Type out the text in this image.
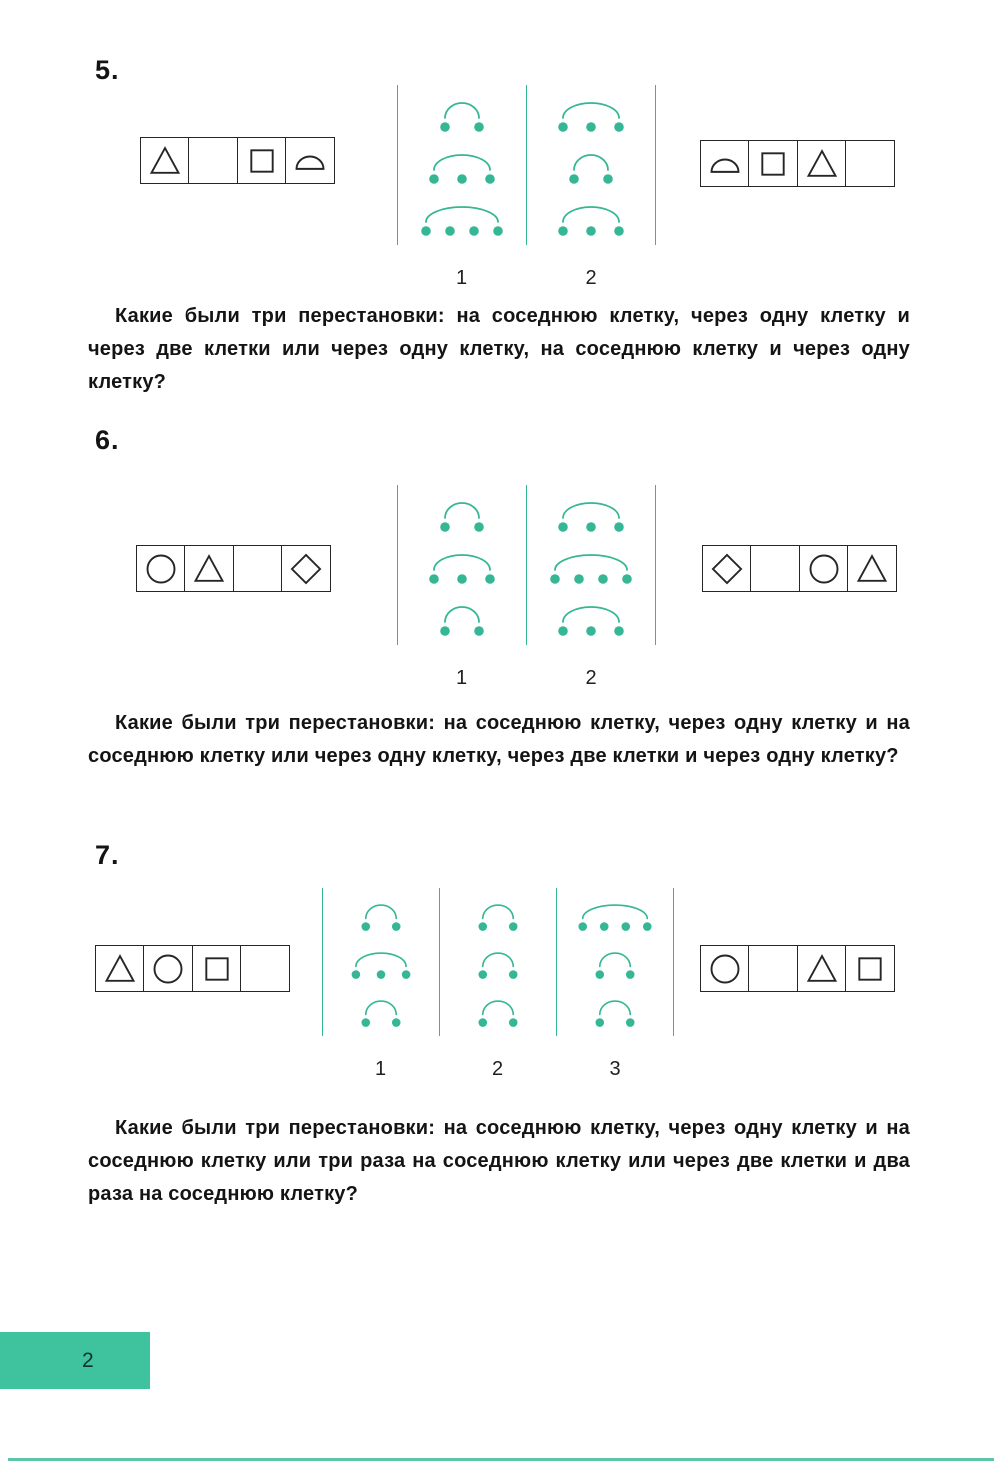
5.
1	2

Какие были три перестановки: на соседнюю клетку, через одну клетку и через две клетки или через одну клетку, на соседнюю клетку и через одну клетку?

6.
1	2

Какие были три перестановки: на соседнюю клетку, через одну клетку и на соседнюю клетку или через одну клетку, через две клетки и через одну клетку?

7.
1	2	3

Какие были три перестановки: на соседнюю клетку, через одну клетку и на соседнюю клетку или три раза на соседнюю клетку или через две клетки и два раза на соседнюю клетку?

2
